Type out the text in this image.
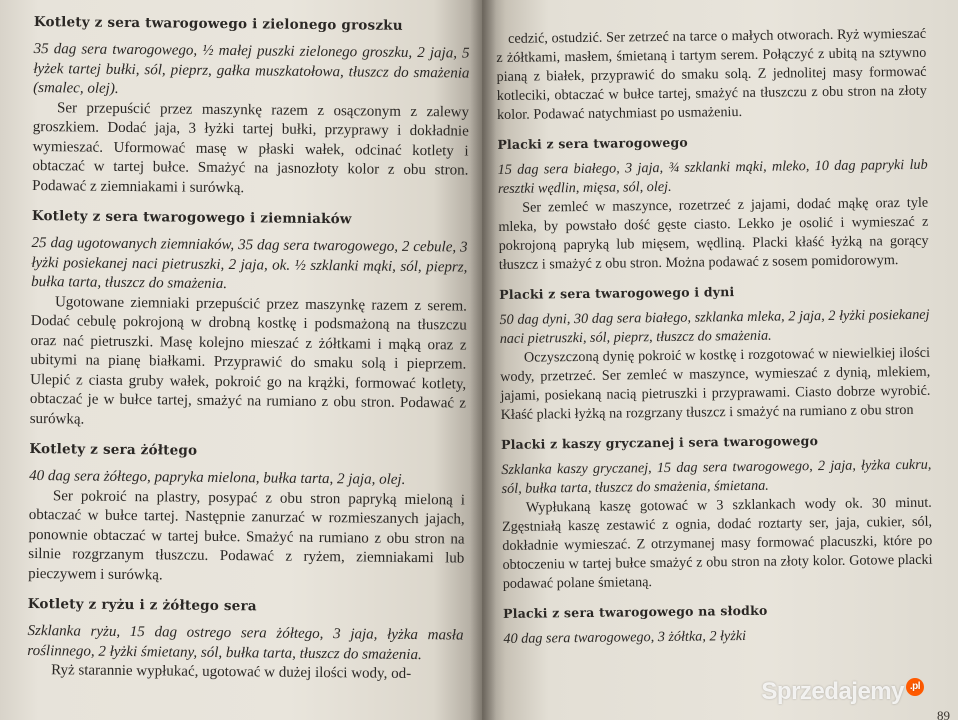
Kotlety z sera twarogowego i zielonego groszku

35 dag sera twarogowego, ½ małej puszki zielonego groszku, 2 jaja, 5 łyżek tartej bułki, sól, pieprz, gałka muszkatołowa, tłuszcz do smażenia (smalec, olej).

Ser przepuścić przez maszynkę razem z osączonym z zalewy groszkiem. Dodać jaja, 3 łyżki tartej bułki, przyprawy i dokładnie wymieszać. Uformować masę w płaski wałek, odcinać kotlety i obtaczać w tartej bułce. Smażyć na jasnozłoty kolor z obu stron. Podawać z ziemniakami i surówką.

Kotlety z sera twarogowego i ziemniaków

25 dag ugotowanych ziemniaków, 35 dag sera twarogowego, 2 cebule, 3 łyżki posiekanej naci pietruszki, 2 jaja, ok. ½ szklanki mąki, sól, pieprz, bułka tarta, tłuszcz do smażenia.

Ugotowane ziemniaki przepuścić przez maszynkę razem z serem. Dodać cebulę pokrojoną w drobną kostkę i podsmażoną na tłuszczu oraz nać pietruszki. Masę kolejno mieszać z żółtkami i mąką oraz z ubitymi na pianę białkami. Przyprawić do smaku solą i pieprzem. Ulepić z ciasta gruby wałek, pokroić go na krążki, formować kotlety, obtaczać je w bułce tartej, smażyć na rumiano z obu stron. Podawać z surówką.

Kotlety z sera żółtego

40 dag sera żółtego, papryka mielona, bułka tarta, 2 jaja, olej.

Ser pokroić na plastry, posypać z obu stron papryką mieloną i obtaczać w bułce tartej. Następnie zanurzać w rozmieszanych jajach, ponownie obtaczać w tartej bułce. Smażyć na rumiano z obu stron na silnie rozgrzanym tłuszczu. Podawać z ryżem, ziemniakami lub pieczywem i surówką.

Kotlety z ryżu i z żółtego sera

Szklanka ryżu, 15 dag ostrego sera żółtego, 3 jaja, łyżka masła roślinnego, 2 łyżki śmietany, sól, bułka tarta, tłuszcz do smażenia.

Ryż starannie wypłukać, ugotować w dużej ilości wody, od-

cedzić, ostudzić. Ser zetrzeć na tarce o małych otworach. Ryż wymieszać z żółtkami, masłem, śmietaną i tartym serem. Połączyć z ubitą na sztywno pianą z białek, przyprawić do smaku solą. Z jednolitej masy formować kotleciki, obtaczać w bułce tartej, smażyć na tłuszczu z obu stron na złoty kolor. Podawać natychmiast po usmażeniu.

Placki z sera twarogowego

15 dag sera białego, 3 jaja, ¾ szklanki mąki, mleko, 10 dag papryki lub resztki wędlin, mięsa, sól, olej.

Ser zemleć w maszynce, rozetrzeć z jajami, dodać mąkę oraz tyle mleka, by powstało dość gęste ciasto. Lekko je osolić i wymieszać z pokrojoną papryką lub mięsem, wędliną. Placki kłaść łyżką na gorący tłuszcz i smażyć z obu stron. Można podawać z sosem pomidorowym.

Placki z sera twarogowego i dyni

50 dag dyni, 30 dag sera białego, szklanka mleka, 2 jaja, 2 łyżki posiekanej naci pietruszki, sól, pieprz, tłuszcz do smażenia.

Oczyszczoną dynię pokroić w kostkę i rozgotować w niewielkiej ilości wody, przetrzeć. Ser zemleć w maszynce, wymieszać z dynią, mlekiem, jajami, posiekaną nacią pietruszki i przyprawami. Ciasto dobrze wyrobić. Kłaść placki łyżką na rozgrzany tłuszcz i smażyć na rumiano z obu stron

Placki z kaszy gryczanej i sera twarogowego

Szklanka kaszy gryczanej, 15 dag sera twarogowego, 2 jaja, łyżka cukru, sól, bułka tarta, tłuszcz do smażenia, śmietana.

Wypłukaną kaszę gotować w 3 szklankach wody ok. 30 minut. Zgęstniałą kaszę zestawić z ognia, dodać roztarty ser, jaja, cukier, sól, dokładnie wymieszać. Z otrzymanej masy formować placuszki, które po obtoczeniu w tartej bułce smażyć z obu stron na złoty kolor. Gotowe placki podawać polane śmietaną.

Placki z sera twarogowego na słodko

40 dag sera twarogowego, 3 żółtka, 2 łyżki

89
Sprzedajemy .pl
